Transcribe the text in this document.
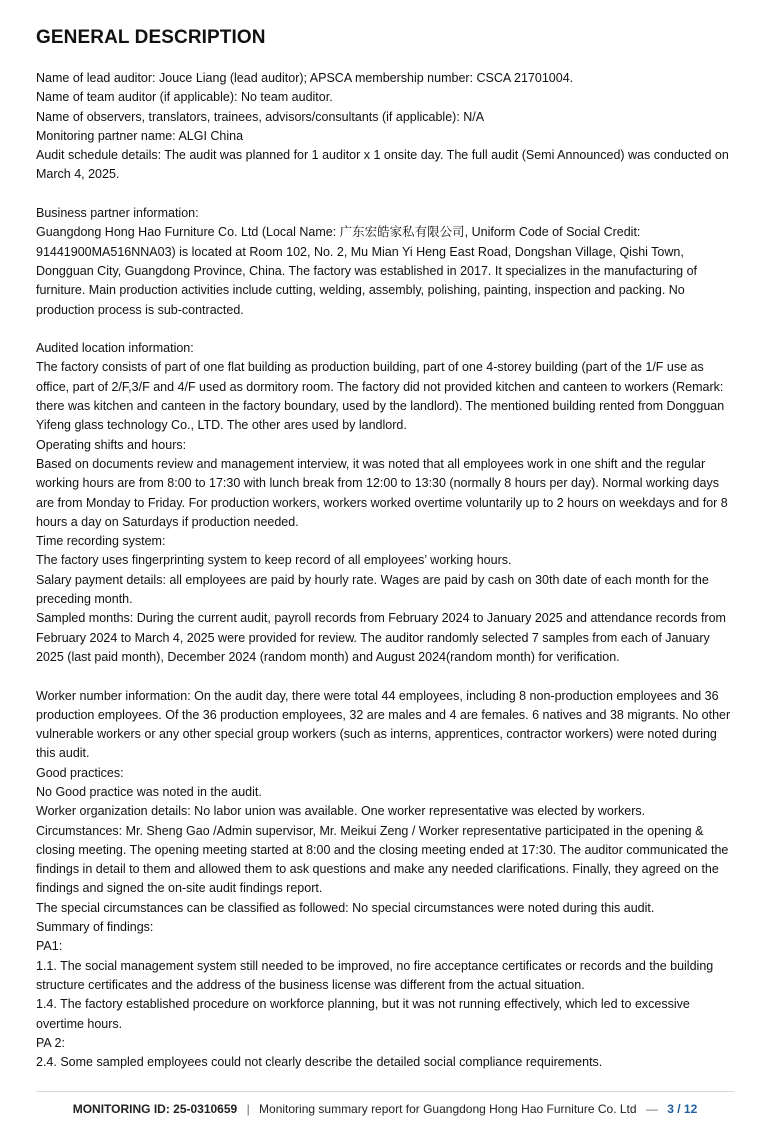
GENERAL DESCRIPTION

Name of lead auditor: Jouce Liang (lead auditor); APSCA membership number: CSCA 21701004.

Name of team auditor (if applicable): No team auditor.

Name of observers, translators, trainees, advisors/consultants (if applicable): N/A

Monitoring partner name: ALGI China

Audit schedule details: The audit was planned for 1 auditor x 1 onsite day. The full audit (Semi Announced) was conducted on March 4, 2025.

Business partner information:

Guangdong Hong Hao Furniture Co. Ltd (Local Name: 广东宏皓家私有限公司, Uniform Code of Social Credit: 91441900MA516NNA03) is located at Room 102, No. 2, Mu Mian Yi Heng East Road, Dongshan Village, Qishi Town, Dongguan City, Guangdong Province, China. The factory was established in 2017. It specializes in the manufacturing of furniture. Main production activities include cutting, welding, assembly, polishing, painting, inspection and packing. No production process is sub-contracted.

Audited location information:

The factory consists of part of one flat building as production building, part of one 4-storey building (part of the 1/F use as office, part of 2/F,3/F and 4/F used as dormitory room. The factory did not provided kitchen and canteen to workers (Remark: there was kitchen and canteen in the factory boundary, used by the landlord). The mentioned building rented from Dongguan Yifeng glass technology Co., LTD. The other ares used by landlord.

Operating shifts and hours:

Based on documents review and management interview, it was noted that all employees work in one shift and the regular working hours are from 8:00 to 17:30 with lunch break from 12:00 to 13:30 (normally 8 hours per day). Normal working days are from Monday to Friday. For production workers, workers worked overtime voluntarily up to 2 hours on weekdays and for 8 hours a day on Saturdays if production needed.

Time recording system:

The factory uses fingerprinting system to keep record of all employees’ working hours.

Salary payment details: all employees are paid by hourly rate. Wages are paid by cash on 30th date of each month for the preceding month.

Sampled months: During the current audit, payroll records from February 2024 to January 2025 and attendance records from February 2024 to March 4, 2025 were provided for review. The auditor randomly selected 7 samples from each of January 2025 (last paid month), December 2024 (random month) and August 2024(random month) for verification.

Worker number information: On the audit day, there were total 44 employees, including 8 non-production employees and 36 production employees. Of the 36 production employees, 32 are males and 4 are females. 6 natives and 38 migrants. No other vulnerable workers or any other special group workers (such as interns, apprentices, contractor workers) were noted during this audit.

Good practices:

No Good practice was noted in the audit.

Worker organization details: No labor union was available. One worker representative was elected by workers.

Circumstances: Mr. Sheng Gao /Admin supervisor, Mr. Meikui Zeng / Worker representative participated in the opening & closing meeting. The opening meeting started at 8:00 and the closing meeting ended at 17:30. The auditor communicated the findings in detail to them and allowed them to ask questions and make any needed clarifications. Finally, they agreed on the findings and signed the on-site audit findings report.

The special circumstances can be classified as followed: No special circumstances were noted during this audit.

Summary of findings:

PA1:

1.1. The social management system still needed to be improved, no fire acceptance certificates or records and the building structure certificates and the address of the business license was different from the actual situation.

1.4. The factory established procedure on workforce planning, but it was not running effectively, which led to excessive overtime hours.

PA 2:

2.4. Some sampled employees could not clearly describe the detailed social compliance requirements.

MONITORING ID: 25-0310659 | Monitoring summary report for Guangdong Hong Hao Furniture Co. Ltd — 3 / 12
